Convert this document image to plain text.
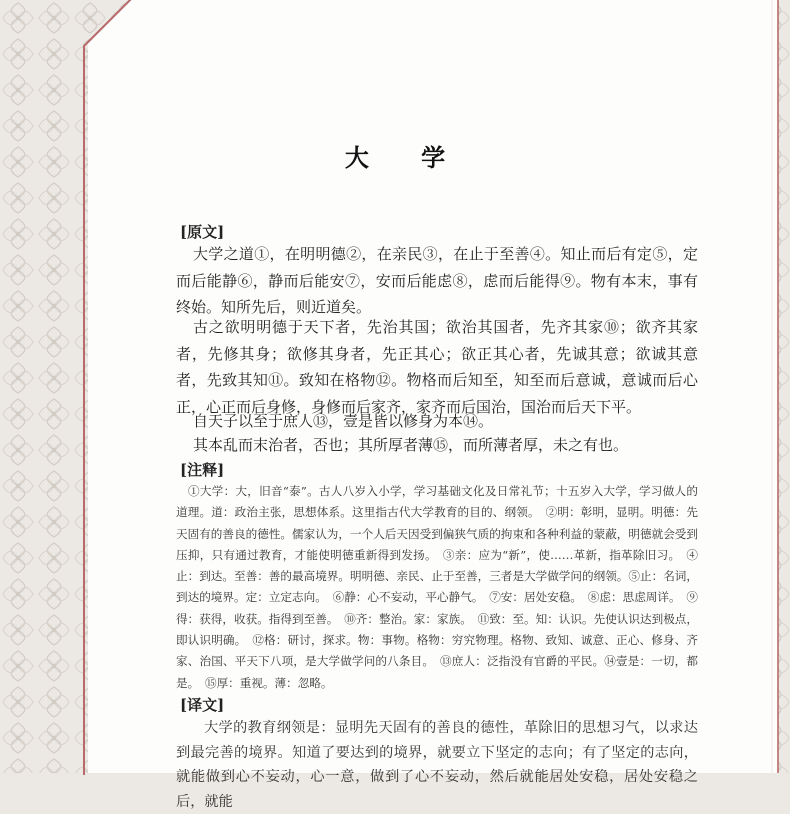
大 学
[原文]

大学之道①，在明明德②，在亲民③，在止于至善④。知止而后有定⑤，定而后能静⑥，静而后能安⑦，安而后能虑⑧，虑而后能得⑨。物有本末，事有终始。知所先后，则近道矣。

古之欲明明德于天下者，先治其国；欲治其国者，先齐其家⑩；欲齐其家者，先修其身；欲修其身者，先正其心；欲正其心者，先诚其意；欲诚其意者，先致其知⑪。致知在格物⑫。物格而后知至，知至而后意诚，意诚而后心正，心正而后身修，身修而后家齐，家齐而后国治，国治而后天下平。

自天子以至于庶人⑬，壹是皆以修身为本⑭。

其本乱而末治者，否也；其所厚者薄⑮，而所薄者厚，未之有也。

[注释]

①大学：大，旧音“泰”。古人八岁入小学，学习基础文化及日常礼节；十五岁入大学，学习做人的道理。道：政治主张，思想体系。这里指古代大学教育的目的、纲领。　②明：彰明，显明。明德：先天固有的善良的德性。儒家认为，一个人后天因受到偏狭气质的拘束和各种利益的蒙蔽，明德就会受到压抑，只有通过教育，才能使明德重新得到发扬。　③亲：应为“新”，使……革新，指革除旧习。　④止：到达。至善：善的最高境界。明明德、亲民、止于至善，三者是大学做学问的纲领。⑤止：名词，到达的境界。定：立定志向。　⑥静：心不妄动，平心静气。　⑦安：居处安稳。　⑧虑：思虑周详。　⑨得：获得，收获。指得到至善。　⑩齐：整治。家：家族。　⑪致：至。知：认识。先使认识达到极点，即认识明确。　⑫格：研讨，探求。物：事物。格物：穷究物理。格物、致知、诚意、正心、修身、齐家、治国、平天下八项，是大学做学问的八条目。　⑬庶人：泛指没有官爵的平民。⑭壹是：一切，都是。　⑮厚：重视。薄：忽略。

[译文]

大学的教育纲领是：显明先天固有的善良的德性，革除旧的思想习气，以求达到最完善的境界。知道了要达到的境界，就要立下坚定的志向；有了坚定的志向，就能做到心不妄动，心一意，做到了心不妄动，然后就能居处安稳，居处安稳之后，就能
